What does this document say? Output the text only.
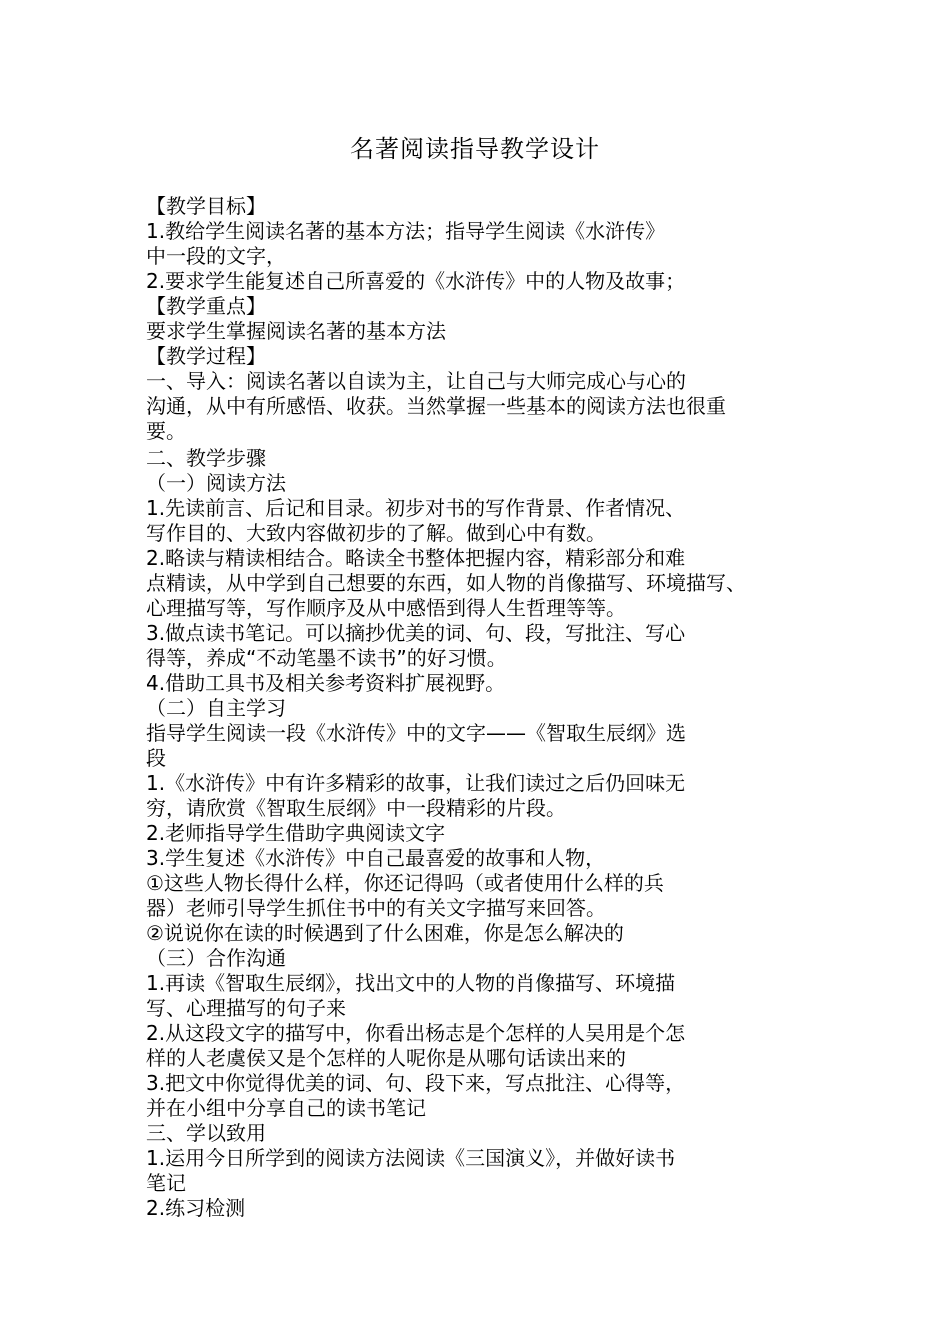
名著阅读指导教学设计

【教学目标】

1.教给学生阅读名著的基本方法；指导学生阅读《水浒传》

中一段的文字，

2.要求学生能复述自己所喜爱的《水浒传》中的人物及故事；

【教学重点】

要求学生掌握阅读名著的基本方法

【教学过程】

一、导入：阅读名著以自读为主，让自己与大师完成心与心的

沟通，从中有所感悟、收获。当然掌握一些基本的阅读方法也很重

要。

二、教学步骤

（一）阅读方法

1.先读前言、后记和目录。初步对书的写作背景、作者情况、

写作目的、大致内容做初步的了解。做到心中有数。

2.略读与精读相结合。略读全书整体把握内容，精彩部分和难

点精读，从中学到自己想要的东西，如人物的肖像描写、环境描写、

心理描写等，写作顺序及从中感悟到得人生哲理等等。

3.做点读书笔记。可以摘抄优美的词、句、段，写批注、写心

得等，养成“不动笔墨不读书”的好习惯。

4.借助工具书及相关参考资料扩展视野。

（二）自主学习

指导学生阅读一段《水浒传》中的文字——《智取生辰纲》选

段

1.《水浒传》中有许多精彩的故事，让我们读过之后仍回味无

穷，请欣赏《智取生辰纲》中一段精彩的片段。

2.老师指导学生借助字典阅读文字

3.学生复述《水浒传》中自己最喜爱的故事和人物，

①这些人物长得什么样，你还记得吗（或者使用什么样的兵

器）老师引导学生抓住书中的有关文字描写来回答。

②说说你在读的时候遇到了什么困难，你是怎么解决的

（三）合作沟通

1.再读《智取生辰纲》，找出文中的人物的肖像描写、环境描

写、心理描写的句子来

2.从这段文字的描写中，你看出杨志是个怎样的人吴用是个怎

样的人老虞侯又是个怎样的人呢你是从哪句话读出来的

3.把文中你觉得优美的词、句、段下来，写点批注、心得等，

并在小组中分享自己的读书笔记

三、学以致用

1.运用今日所学到的阅读方法阅读《三国演义》，并做好读书

笔记

2.练习检测
